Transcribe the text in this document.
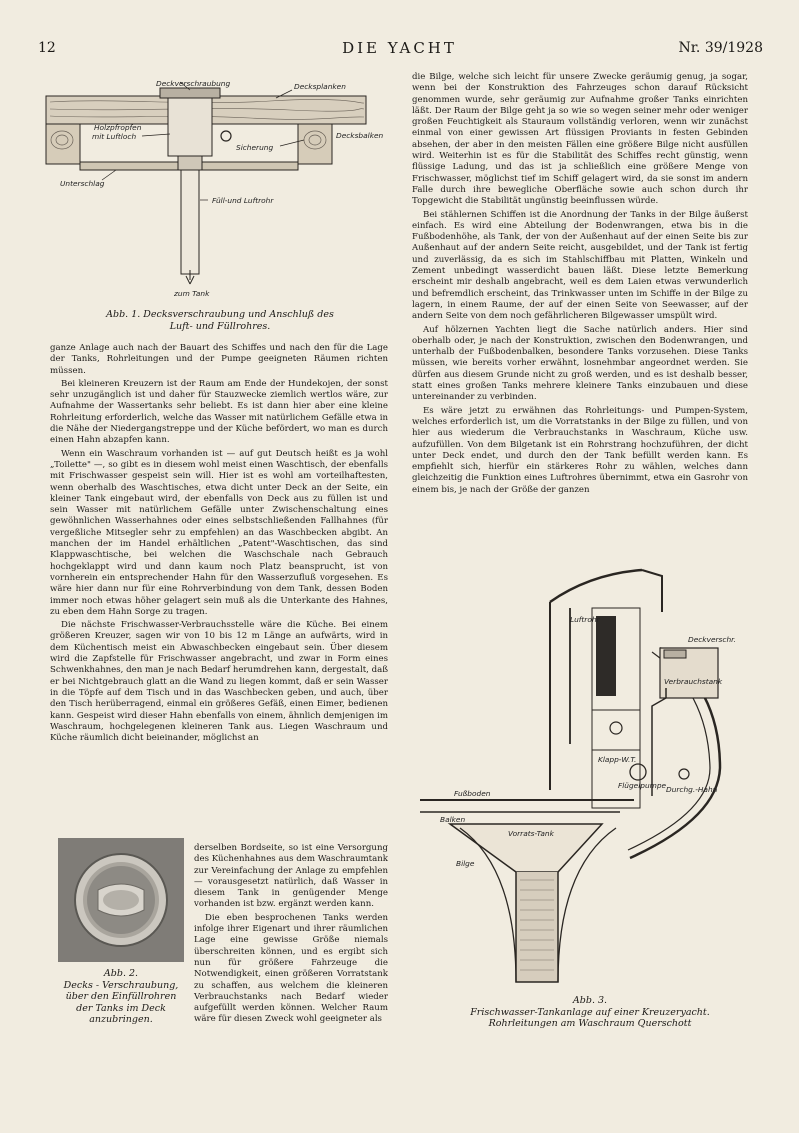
12	DIE YACHT	Nr. 39/1928
Deckverschraubung	Decksplanken
Holzpfropfen
mit Luftloch
Sicherung
Decksbalken
Unterschlag
Füll-und Luftrohr
zum Tank
Abb. 1. Decksverschraubung und Anschluß des
Luft- und Füllrohres.

ganze Anlage auch nach der Bauart des Schiffes und nach den für die Lage der Tanks, Rohrleitungen und der Pumpe geeigneten Räumen richten müssen.

Bei kleineren Kreuzern ist der Raum am Ende der Hundekojen, der sonst sehr unzugänglich ist und daher für Stauzwecke ziemlich wertlos wäre, zur Aufnahme der Wassertanks sehr beliebt. Es ist dann hier aber eine kleine Rohrleitung erforderlich, welche das Wasser mit natürlichem Gefälle etwa in die Nähe der Niedergangstreppe und der Küche befördert, wo man es durch einen Hahn abzapfen kann.

Wenn ein Waschraum vorhanden ist — auf gut Deutsch heißt es ja wohl „Toilette" —, so gibt es in diesem wohl meist einen Waschtisch, der ebenfalls mit Frischwasser gespeist sein will. Hier ist es wohl am vorteilhaftesten, wenn oberhalb des Waschtisches, etwa dicht unter Deck an der Seite, ein kleiner Tank eingebaut wird, der ebenfalls von Deck aus zu füllen ist und sein Wasser mit natürlichem Gefälle unter Zwischenschaltung eines gewöhnlichen Wasserhahnes oder eines selbstschließenden Fallhahnes (für vergeßliche Mitsegler sehr zu empfehlen) an das Waschbecken abgibt. An manchen der im Handel erhältlichen „Patent"-Waschtischen, das sind Klappwaschtische, bei welchen die Waschschale nach Gebrauch hochgeklappt wird und dann kaum noch Platz beansprucht, ist von vornherein ein entsprechender Hahn für den Wasserzufluß vorgesehen. Es wäre hier dann nur für eine Rohrverbindung von dem Tank, dessen Boden immer noch etwas höher gelagert sein muß als die Unterkante des Hahnes, zu eben dem Hahn Sorge zu tragen.

Die nächste Frischwasser-Verbrauchsstelle wäre die Küche. Bei einem größeren Kreuzer, sagen wir von 10 bis 12 m Länge an aufwärts, wird in dem Küchentisch meist ein Abwaschbecken eingebaut sein. Über diesem wird die Zapfstelle für Frischwasser angebracht, und zwar in Form eines Schwenkhahnes, den man je nach Bedarf herumdrehen kann, dergestalt, daß er bei Nichtgebrauch glatt an die Wand zu liegen kommt, daß er sein Wasser in die Töpfe auf dem Tisch und in das Waschbecken geben, und auch, über den Tisch herüberragend, einmal ein größeres Gefäß, einen Eimer, bedienen kann. Gespeist wird dieser Hahn ebenfalls von einem, ähnlich demjenigen im Waschraum, hochgelegenen kleineren Tank aus. Liegen Waschraum und Küche räumlich dicht beieinander, möglichst an

Abb. 2.
Decks - Verschraubung,
über den Einfüllrohren
der Tanks im Deck
anzubringen.

derselben Bordseite, so ist eine Versorgung des Küchenhahnes aus dem Waschraumtank zur Vereinfachung der Anlage zu empfehlen — vorausgesetzt natürlich, daß Wasser in diesem Tank in genügender Menge vorhanden ist bzw. ergänzt werden kann.

Die eben besprochenen Tanks werden infolge ihrer Eigenart und ihrer räumlichen Lage eine gewisse Größe niemals überschreiten können, und es ergibt sich nun für größere Fahrzeuge die Notwendigkeit, einen größeren Vorratstank zu schaffen, aus welchem die kleineren Verbrauchstanks nach Bedarf wieder aufgefüllt werden können. Welcher Raum wäre für diesen Zweck wohl geeigneter als

die Bilge, welche sich leicht für unsere Zwecke geräumig genug, ja sogar, wenn bei der Konstruktion des Fahrzeuges schon darauf Rücksicht genommen wurde, sehr geräumig zur Aufnahme großer Tanks einrichten läßt. Der Raum der Bilge geht ja so wie so wegen seiner mehr oder weniger großen Feuchtigkeit als Stauraum vollständig verloren, wenn wir zunächst einmal von einer gewissen Art flüssigen Proviants in festen Gebinden absehen, der aber in den meisten Fällen eine größere Bilge nicht ausfüllen wird. Weiterhin ist es für die Stabilität des Schiffes recht günstig, wenn flüssige Ladung, und das ist ja schließlich eine größere Menge von Frischwasser, möglichst tief im Schiff gelagert wird, da sie sonst im andern Falle durch ihre bewegliche Oberfläche sowie auch schon durch ihr Topgewicht die Stabilität ungünstig beeinflussen würde.

Bei stählernen Schiffen ist die Anordnung der Tanks in der Bilge äußerst einfach. Es wird eine Abteilung der Bodenwrangen, etwa bis in die Fußbodenhöhe, als Tank, der von der Außenhaut auf der einen Seite bis zur Außenhaut auf der andern Seite reicht, ausgebildet, und der Tank ist fertig und zuverlässig, da es sich im Stahlschiffbau mit Platten, Winkeln und Zement unbedingt wasserdicht bauen läßt. Diese letzte Bemerkung erscheint mir deshalb angebracht, weil es dem Laien etwas verwunderlich und befremdlich erscheint, das Trinkwasser unten im Schiffe in der Bilge zu lagern, in einem Raume, der auf der einen Seite von Seewasser, auf der andern Seite von dem noch gefährlicheren Bilgewasser umspült wird.

Auf hölzernen Yachten liegt die Sache natürlich anders. Hier sind oberhalb oder, je nach der Konstruktion, zwischen den Bodenwrangen, und unterhalb der Fußbodenbalken, besondere Tanks vorzusehen. Diese Tanks müssen, wie bereits vorher erwähnt, losnehmbar angeordnet werden. Sie dürfen aus diesem Grunde nicht zu groß werden, und es ist deshalb besser, statt eines großen Tanks mehrere kleinere Tanks einzubauen und diese untereinander zu verbinden.

Es wäre jetzt zu erwähnen das Rohrleitungs- und Pumpen-System, welches erforderlich ist, um die Vorratstanks in der Bilge zu füllen, und von hier aus wiederum die Verbrauchstanks in Waschraum, Küche usw. aufzufüllen. Von dem Bilgetank ist ein Rohrstrang hochzuführen, der dicht unter Deck endet, und durch den der Tank befüllt werden kann. Es empfiehlt sich, hierfür ein stärkeres Rohr zu wählen, welches dann gleichzeitig die Funktion eines Luftrohres übernimmt, etwa ein Gasrohr von einem bis, je nach der Größe der ganzen

Luftrohr
Deckverschr.
Verbrauchstank
Klapp-W.T.
Flügelpumpe Durchg.-Hahn
Fußboden
Balken
Vorrats-Tank
Bilge
Abb. 3.
Frischwasser-Tankanlage auf einer Kreuzeryacht.
Rohrleitungen am Waschraum Querschott
